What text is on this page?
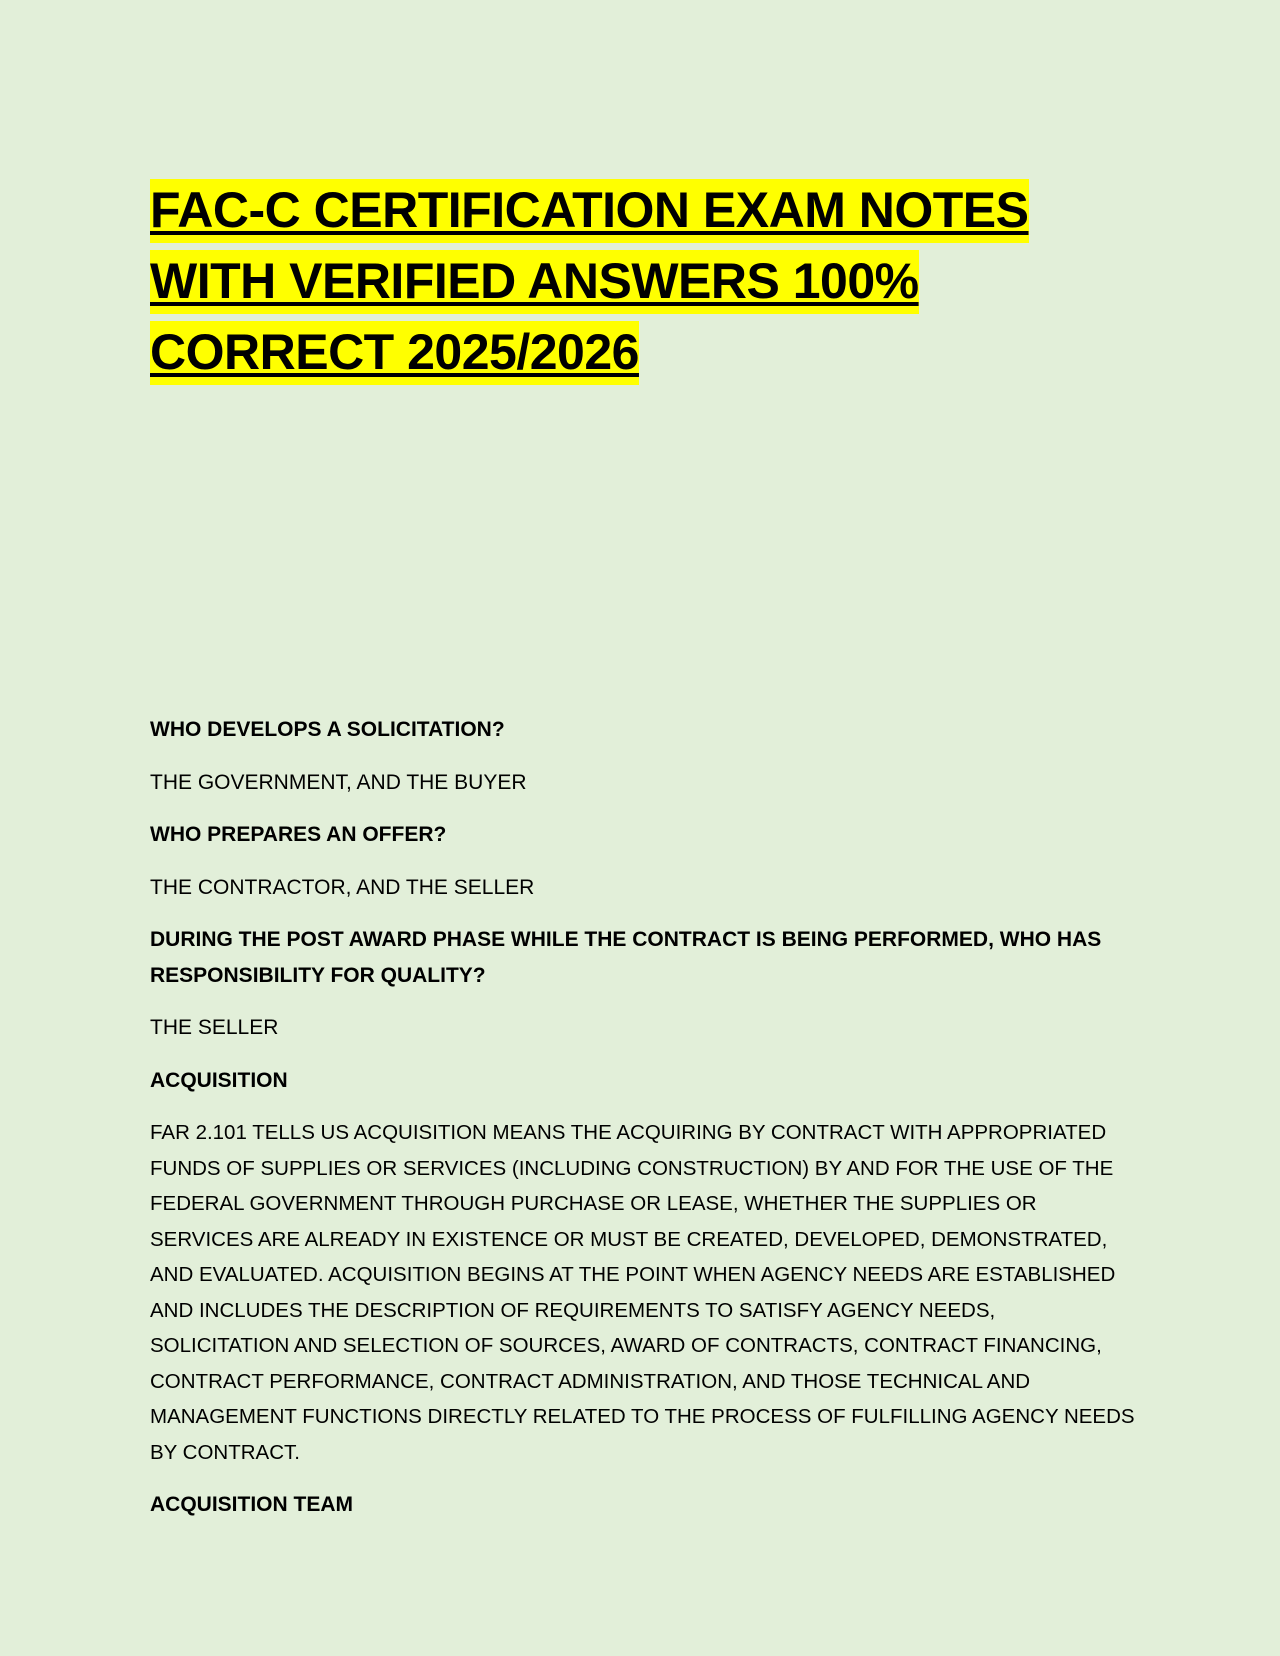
FAC-C CERTIFICATION EXAM NOTES

WITH VERIFIED ANSWERS 100%

CORRECT 2025/2026

WHO DEVELOPS A SOLICITATION?

THE GOVERNMENT, AND THE BUYER

WHO PREPARES AN OFFER?

THE CONTRACTOR, AND THE SELLER

DURING THE POST AWARD PHASE WHILE THE CONTRACT IS BEING PERFORMED, WHO HAS RESPONSIBILITY FOR QUALITY?

THE SELLER

ACQUISITION

FAR 2.101 TELLS US ACQUISITION MEANS THE ACQUIRING BY CONTRACT WITH APPROPRIATED FUNDS OF SUPPLIES OR SERVICES (INCLUDING CONSTRUCTION) BY AND FOR THE USE OF THE FEDERAL GOVERNMENT THROUGH PURCHASE OR LEASE, WHETHER THE SUPPLIES OR SERVICES ARE ALREADY IN EXISTENCE OR MUST BE CREATED, DEVELOPED, DEMONSTRATED, AND EVALUATED. ACQUISITION BEGINS AT THE POINT WHEN AGENCY NEEDS ARE ESTABLISHED AND INCLUDES THE DESCRIPTION OF REQUIREMENTS TO SATISFY AGENCY NEEDS, SOLICITATION AND SELECTION OF SOURCES, AWARD OF CONTRACTS, CONTRACT FINANCING, CONTRACT PERFORMANCE, CONTRACT ADMINISTRATION, AND THOSE TECHNICAL AND MANAGEMENT FUNCTIONS DIRECTLY RELATED TO THE PROCESS OF FULFILLING AGENCY NEEDS BY CONTRACT.

ACQUISITION TEAM
